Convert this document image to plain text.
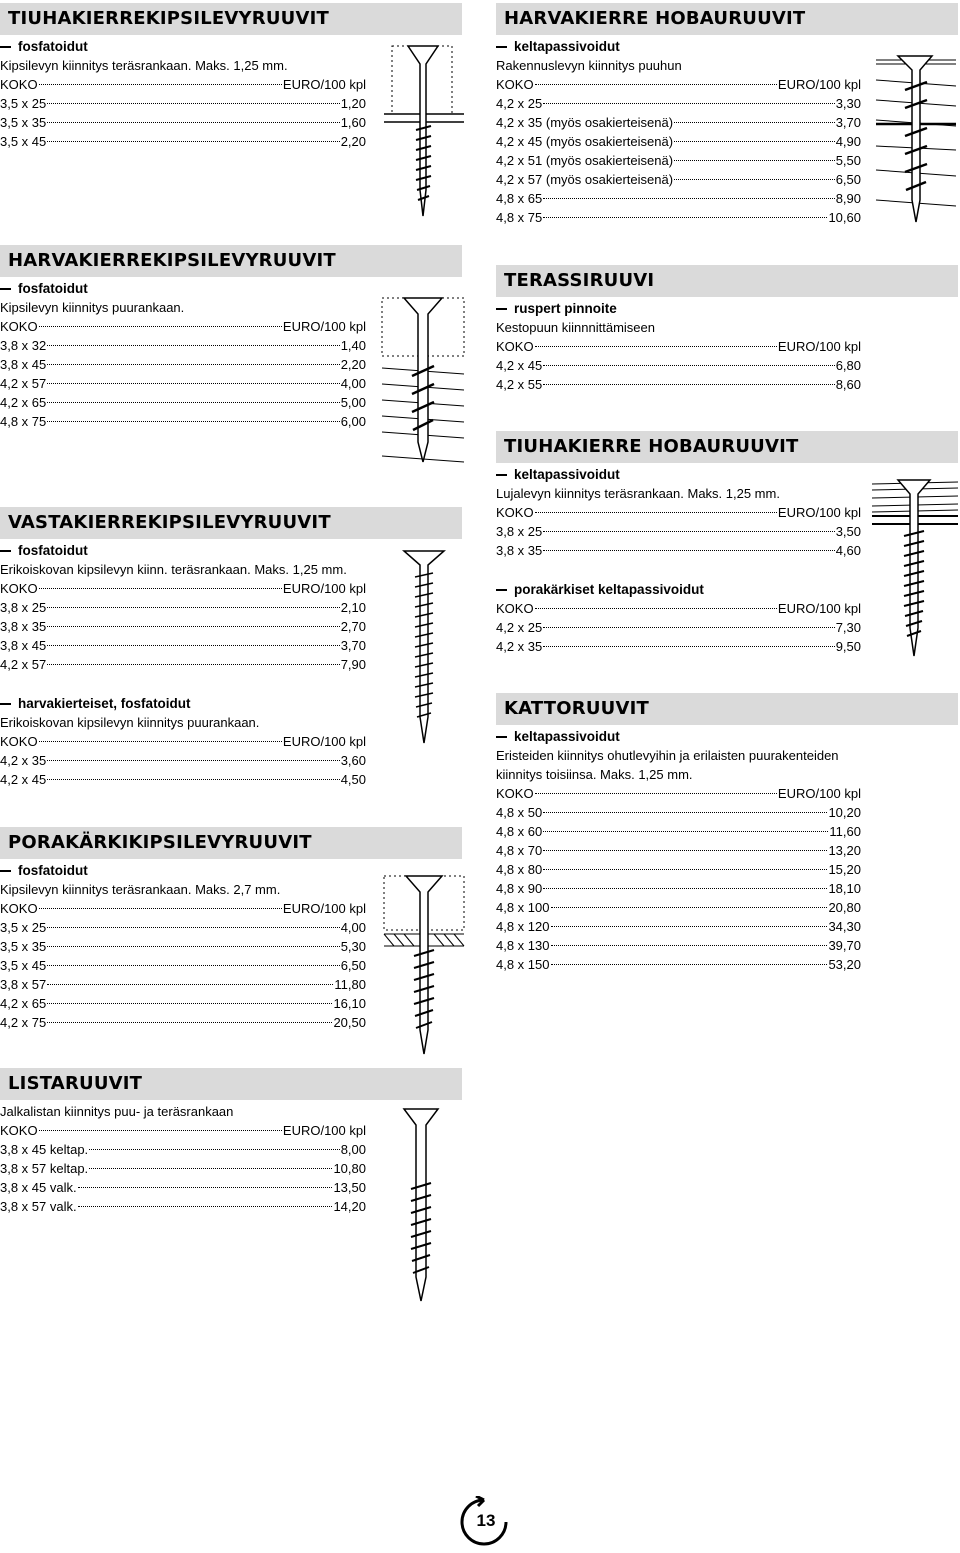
TIUHAKIERREKIPSILEVYRUUVIT
fosfatoidut
Kipsilevyn kiinnitys teräsrankaan. Maks. 1,25 mm.
KOKO	EURO/100 kpl
3,5 x 25	1,20
3,5 x 35	1,60
3,5 x 45	2,20
HARVAKIERREKIPSILEVYRUUVIT
fosfatoidut
Kipsilevyn kiinnitys puurankaan.
KOKO	EURO/100 kpl
3,8 x 32	1,40
3,8 x 45	2,20
4,2 x 57	4,00
4,2 x 65	5,00
4,8 x 75	6,00
VASTAKIERREKIPSILEVYRUUVIT
fosfatoidut
Erikoiskovan kipsilevyn kiinn. teräsrankaan. Maks. 1,25 mm.
KOKO	EURO/100 kpl
3,8 x 25	2,10
3,8 x 35	2,70
3,8 x 45	3,70
4,2 x 57	7,90
harvakierteiset, fosfatoidut
Erikoiskovan kipsilevyn kiinnitys puurankaan.
KOKO	EURO/100 kpl
4,2 x 35	3,60
4,2 x 45	4,50
PORAKÄRKIKIPSILEVYRUUVIT
fosfatoidut
Kipsilevyn kiinnitys teräsrankaan. Maks. 2,7 mm.
KOKO	EURO/100 kpl
3,5 x 25	4,00
3,5 x 35	5,30
3,5 x 45	6,50
3,8 x 57	11,80
4,2 x 65	16,10
4,2 x 75	20,50
LISTARUUVIT
Jalkalistan kiinnitys puu- ja teräsrankaan
KOKO	EURO/100 kpl
3,8 x 45 keltap.	8,00
3,8 x 57 keltap.	10,80
3,8 x 45 valk.	13,50
3,8 x 57 valk.	14,20
HARVAKIERRE HOBAURUUVIT
keltapassivoidut
Rakennuslevyn kiinnitys puuhun
KOKO	EURO/100 kpl
4,2 x 25	3,30
4,2 x 35 (myös osakierteisenä)	3,70
4,2 x 45 (myös osakierteisenä)	4,90
4,2 x 51 (myös osakierteisenä)	5,50
4,2 x 57 (myös osakierteisenä)	6,50
4,8 x 65	8,90
4,8 x 75	10,60
TERASSIRUUVI
ruspert pinnoite
Kestopuun kiinnnittämiseen
KOKO	EURO/100 kpl
4,2 x 45	6,80
4,2 x 55	8,60
TIUHAKIERRE HOBAURUUVIT
keltapassivoidut
Lujalevyn kiinnitys teräsrankaan. Maks. 1,25 mm.
KOKO	EURO/100 kpl
3,8 x 25	3,50
3,8 x 35	4,60
porakärkiset keltapassivoidut
KOKO	EURO/100 kpl
4,2 x 25	7,30
4,2 x 35	9,50
KATTORUUVIT
keltapassivoidut
Eristeiden kiinnitys ohutlevyihin ja erilaisten puurakenteiden
kiinnitys toisiinsa. Maks. 1,25 mm.
KOKO	EURO/100 kpl
4,8 x 50	10,20
4,8 x 60	11,60
4,8 x 70	13,20
4,8 x 80	15,20
4,8 x 90	18,10
4,8 x 100	20,80
4,8 x 120	34,30
4,8 x 130	39,70
4,8 x 150	53,20
13
